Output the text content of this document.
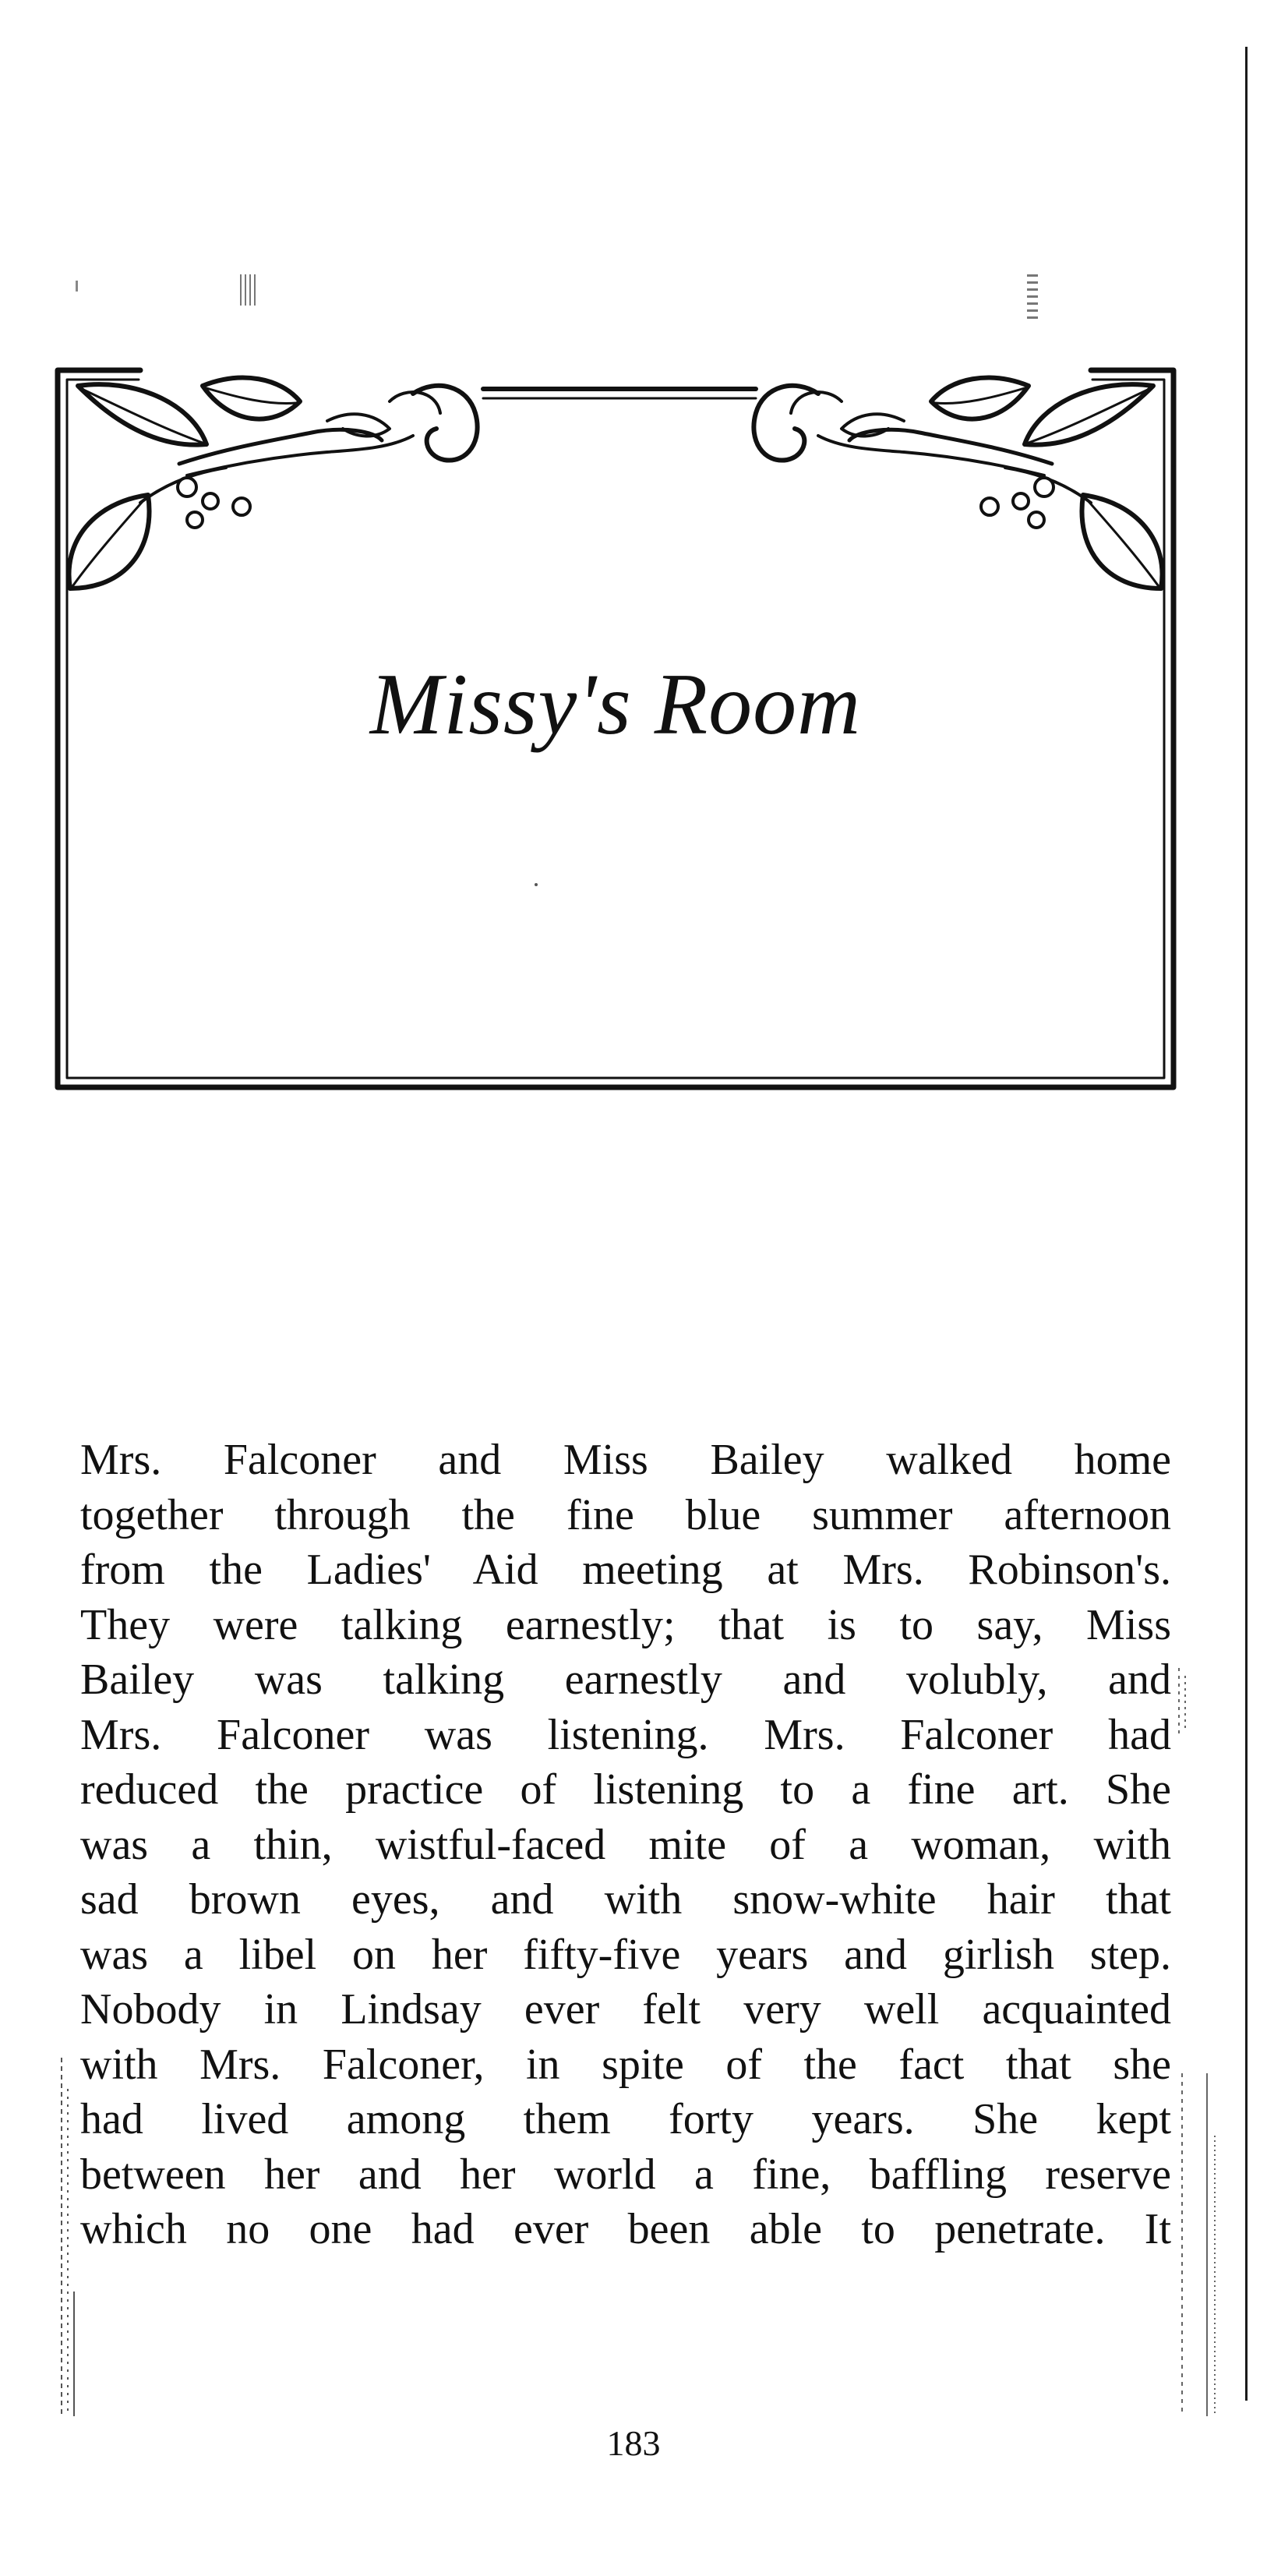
Missy's Room
Mrs. Falconer and Miss Bailey walked home
together through the fine blue summer afternoon
from the Ladies' Aid meeting at Mrs. Robinson's.
They were talking earnestly; that is to say, Miss
Bailey was talking earnestly and volubly, and
Mrs. Falconer was listening. Mrs. Falconer had
reduced the practice of listening to a fine art. She
was a thin, wistful-faced mite of a woman, with
sad brown eyes, and with snow-white hair that
was a libel on her fifty-five years and girlish step.
Nobody in Lindsay ever felt very well acquainted
with Mrs. Falconer, in spite of the fact that she
had lived among them forty years. She kept
between her and her world a fine, baffling reserve
which no one had ever been able to penetrate. It

183
